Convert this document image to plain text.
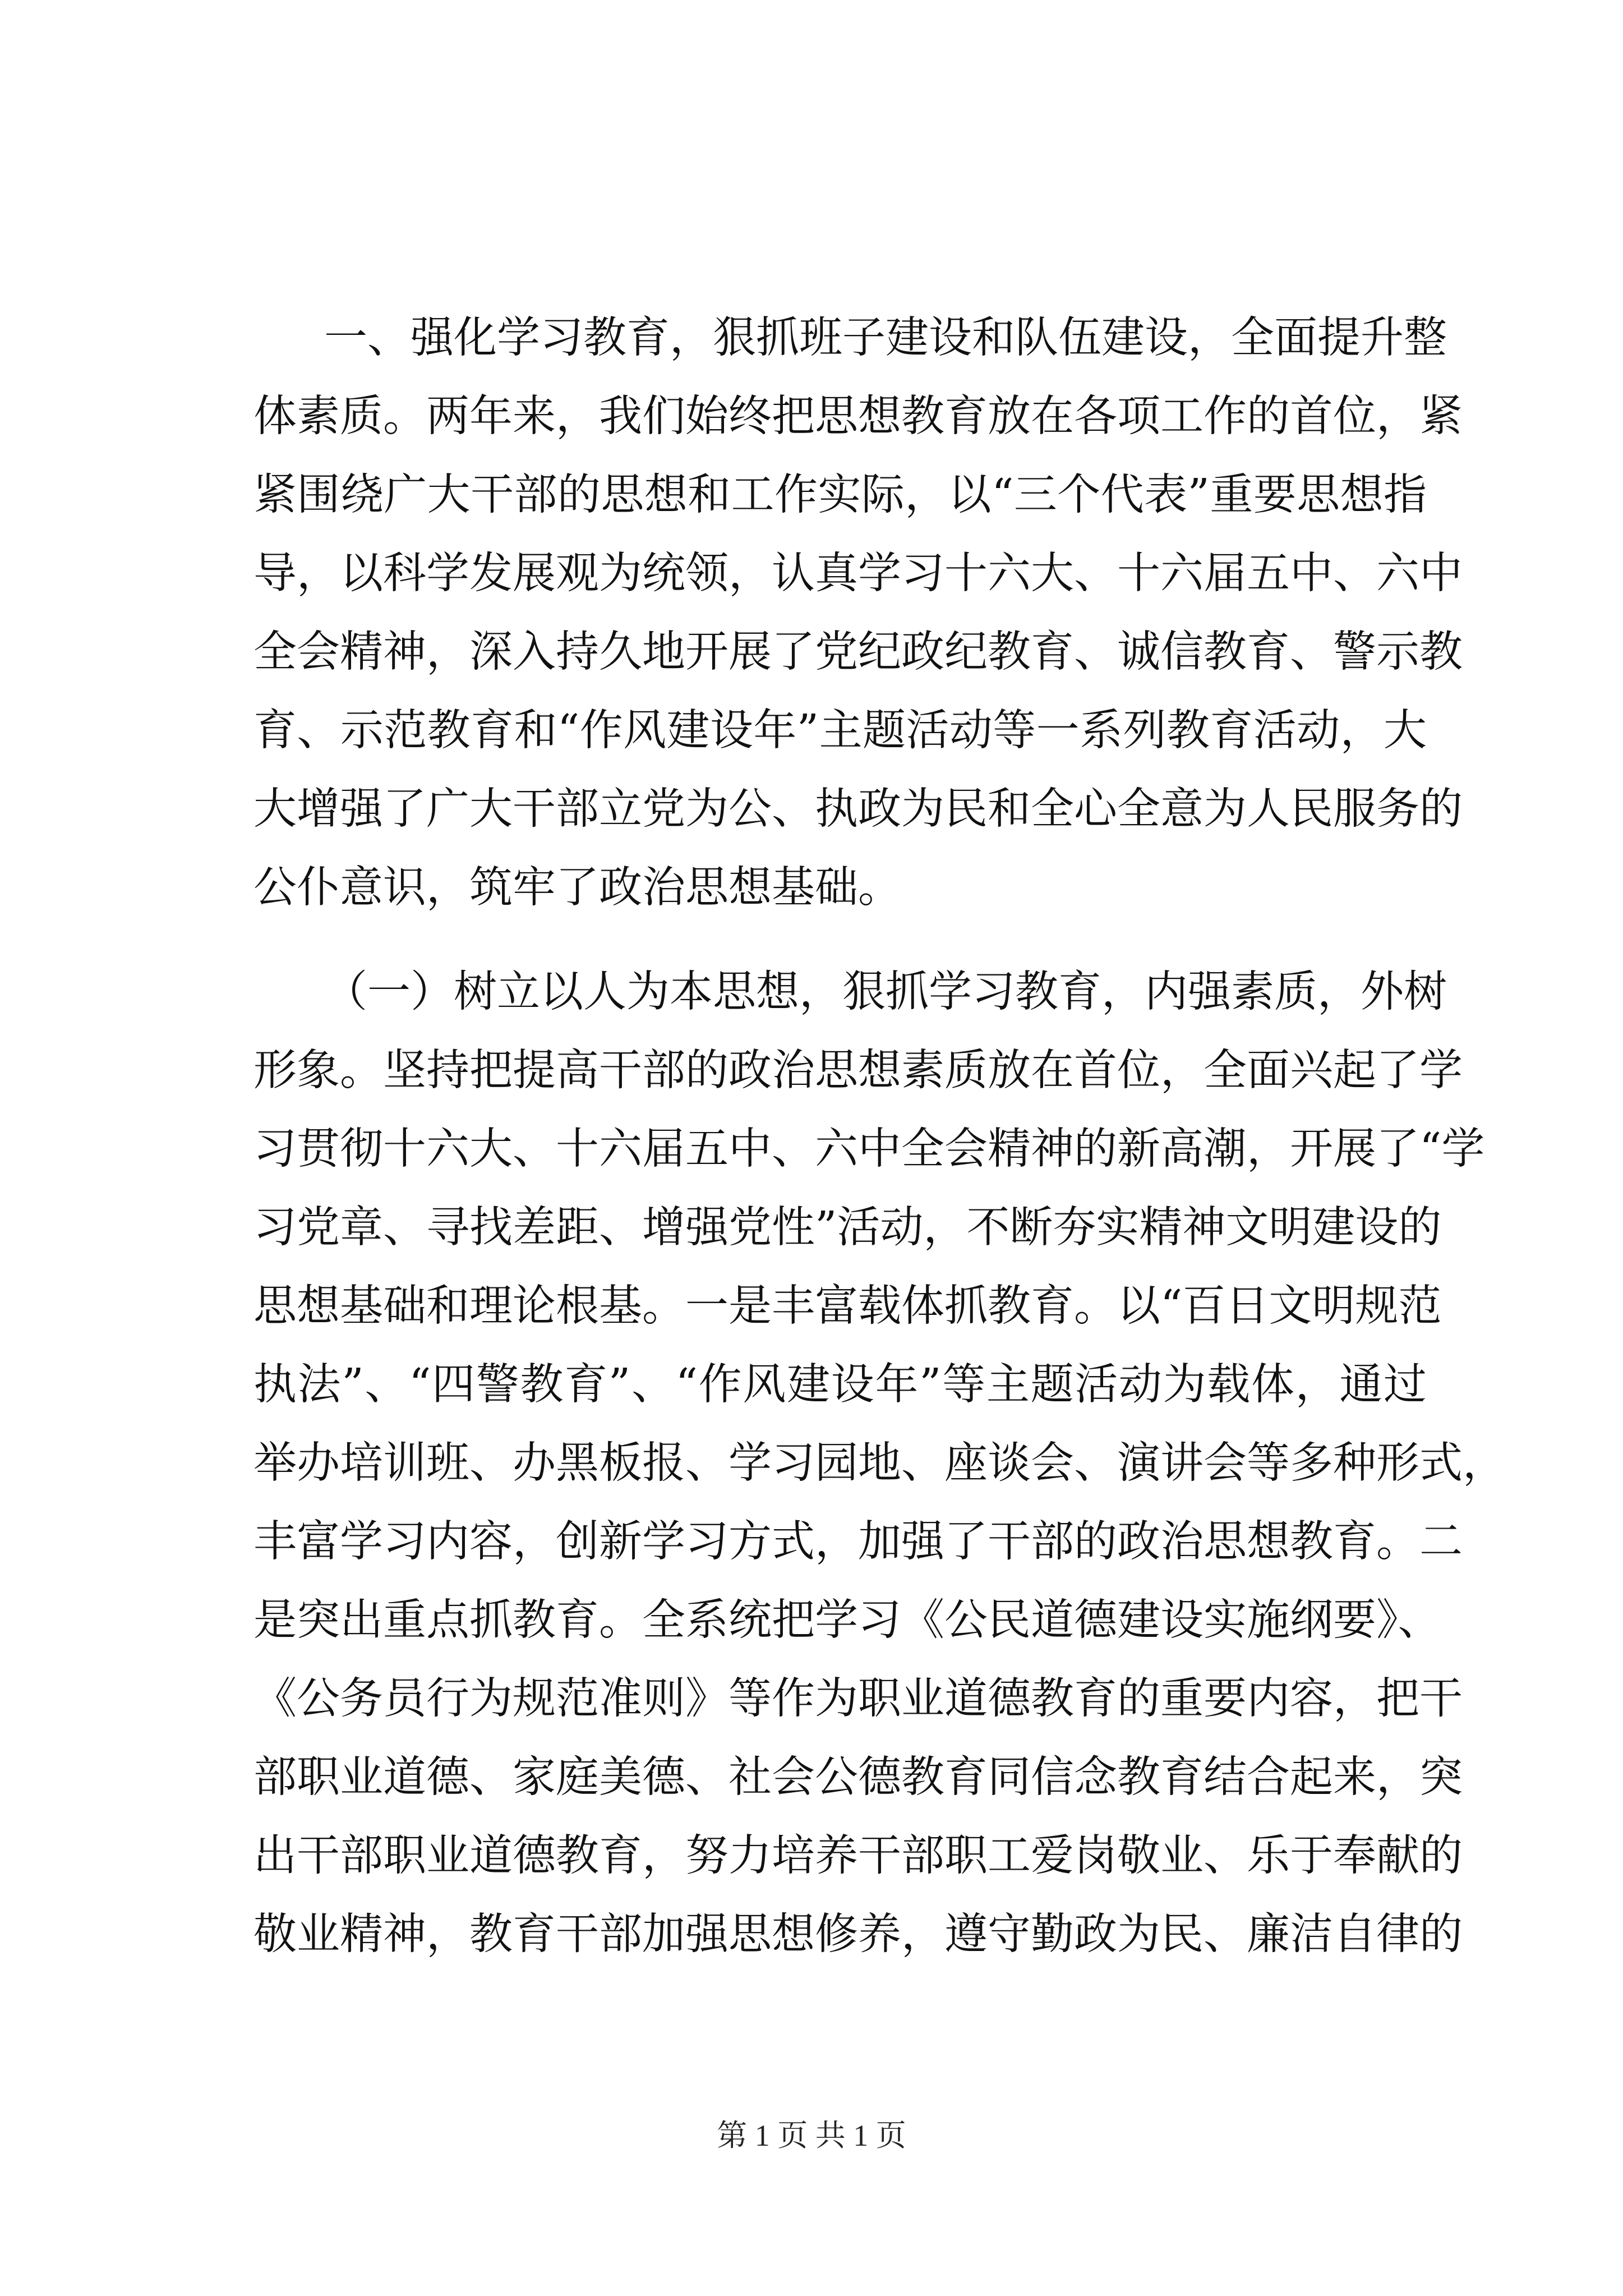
一、强化学习教育，狠抓班子建设和队伍建设，全面提升整
体素质。两年来，我们始终把思想教育放在各项工作的首位，紧
紧围绕广大干部的思想和工作实际，以“三个代表”重要思想指
导，以科学发展观为统领，认真学习十六大、十六届五中、六中
全会精神，深入持久地开展了党纪政纪教育、诚信教育、警示教
育、示范教育和“作风建设年”主题活动等一系列教育活动，大
大增强了广大干部立党为公、执政为民和全心全意为人民服务的
公仆意识，筑牢了政治思想基础。
（一）树立以人为本思想，狠抓学习教育，内强素质，外树
形象。坚持把提高干部的政治思想素质放在首位，全面兴起了学
习贯彻十六大、十六届五中、六中全会精神的新高潮，开展了“学
习党章、寻找差距、增强党性”活动，不断夯实精神文明建设的
思想基础和理论根基。一是丰富载体抓教育。以“百日文明规范
执法”、“四警教育”、“作风建设年”等主题活动为载体，通过
举办培训班、办黑板报、学习园地、座谈会、演讲会等多种形式，
丰富学习内容，创新学习方式，加强了干部的政治思想教育。二
是突出重点抓教育。全系统把学习《公民道德建设实施纲要》、
《公务员行为规范准则》等作为职业道德教育的重要内容，把干
部职业道德、家庭美德、社会公德教育同信念教育结合起来，突
出干部职业道德教育，努力培养干部职工爱岗敬业、乐于奉献的
敬业精神，教育干部加强思想修养，遵守勤政为民、廉洁自律的
第 1 页 共 1 页
